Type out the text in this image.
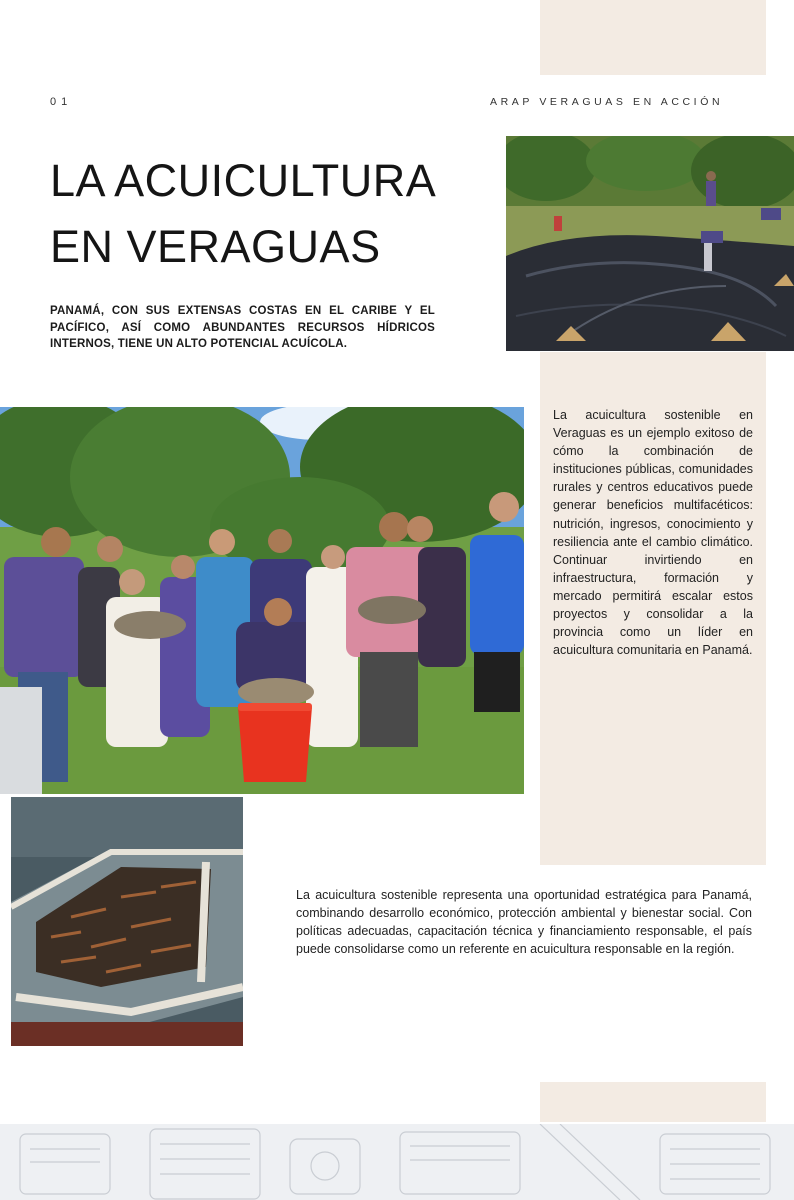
01	ARAP VERAGUAS EN ACCIÓN
LA ACUICULTURA
EN VERAGUAS

PANAMÁ, CON SUS EXTENSAS COSTAS EN EL CARIBE Y EL PACÍFICO, ASÍ COMO ABUNDANTES RECURSOS HÍDRICOS INTERNOS, TIENE UN ALTO POTENCIAL ACUÍCOLA.

La acuicultura sostenible en Veraguas es un ejemplo exitoso de cómo la combinación de instituciones públicas, comunidades rurales y centros educativos puede generar beneficios multifacéticos: nutrición, ingresos, conocimiento y resiliencia ante el cambio climático. Continuar invirtiendo en infraestructura, formación y mercado permitirá escalar estos proyectos y consolidar a la provincia como un líder en acuicultura comunitaria en Panamá.

La acuicultura sostenible representa una oportunidad estratégica para Panamá, combinando desarrollo económico, protección ambiental y bienestar social. Con políticas adecuadas, capacitación técnica y financiamiento responsable, el país puede consolidarse como un referente en acuicultura responsable en la región.
